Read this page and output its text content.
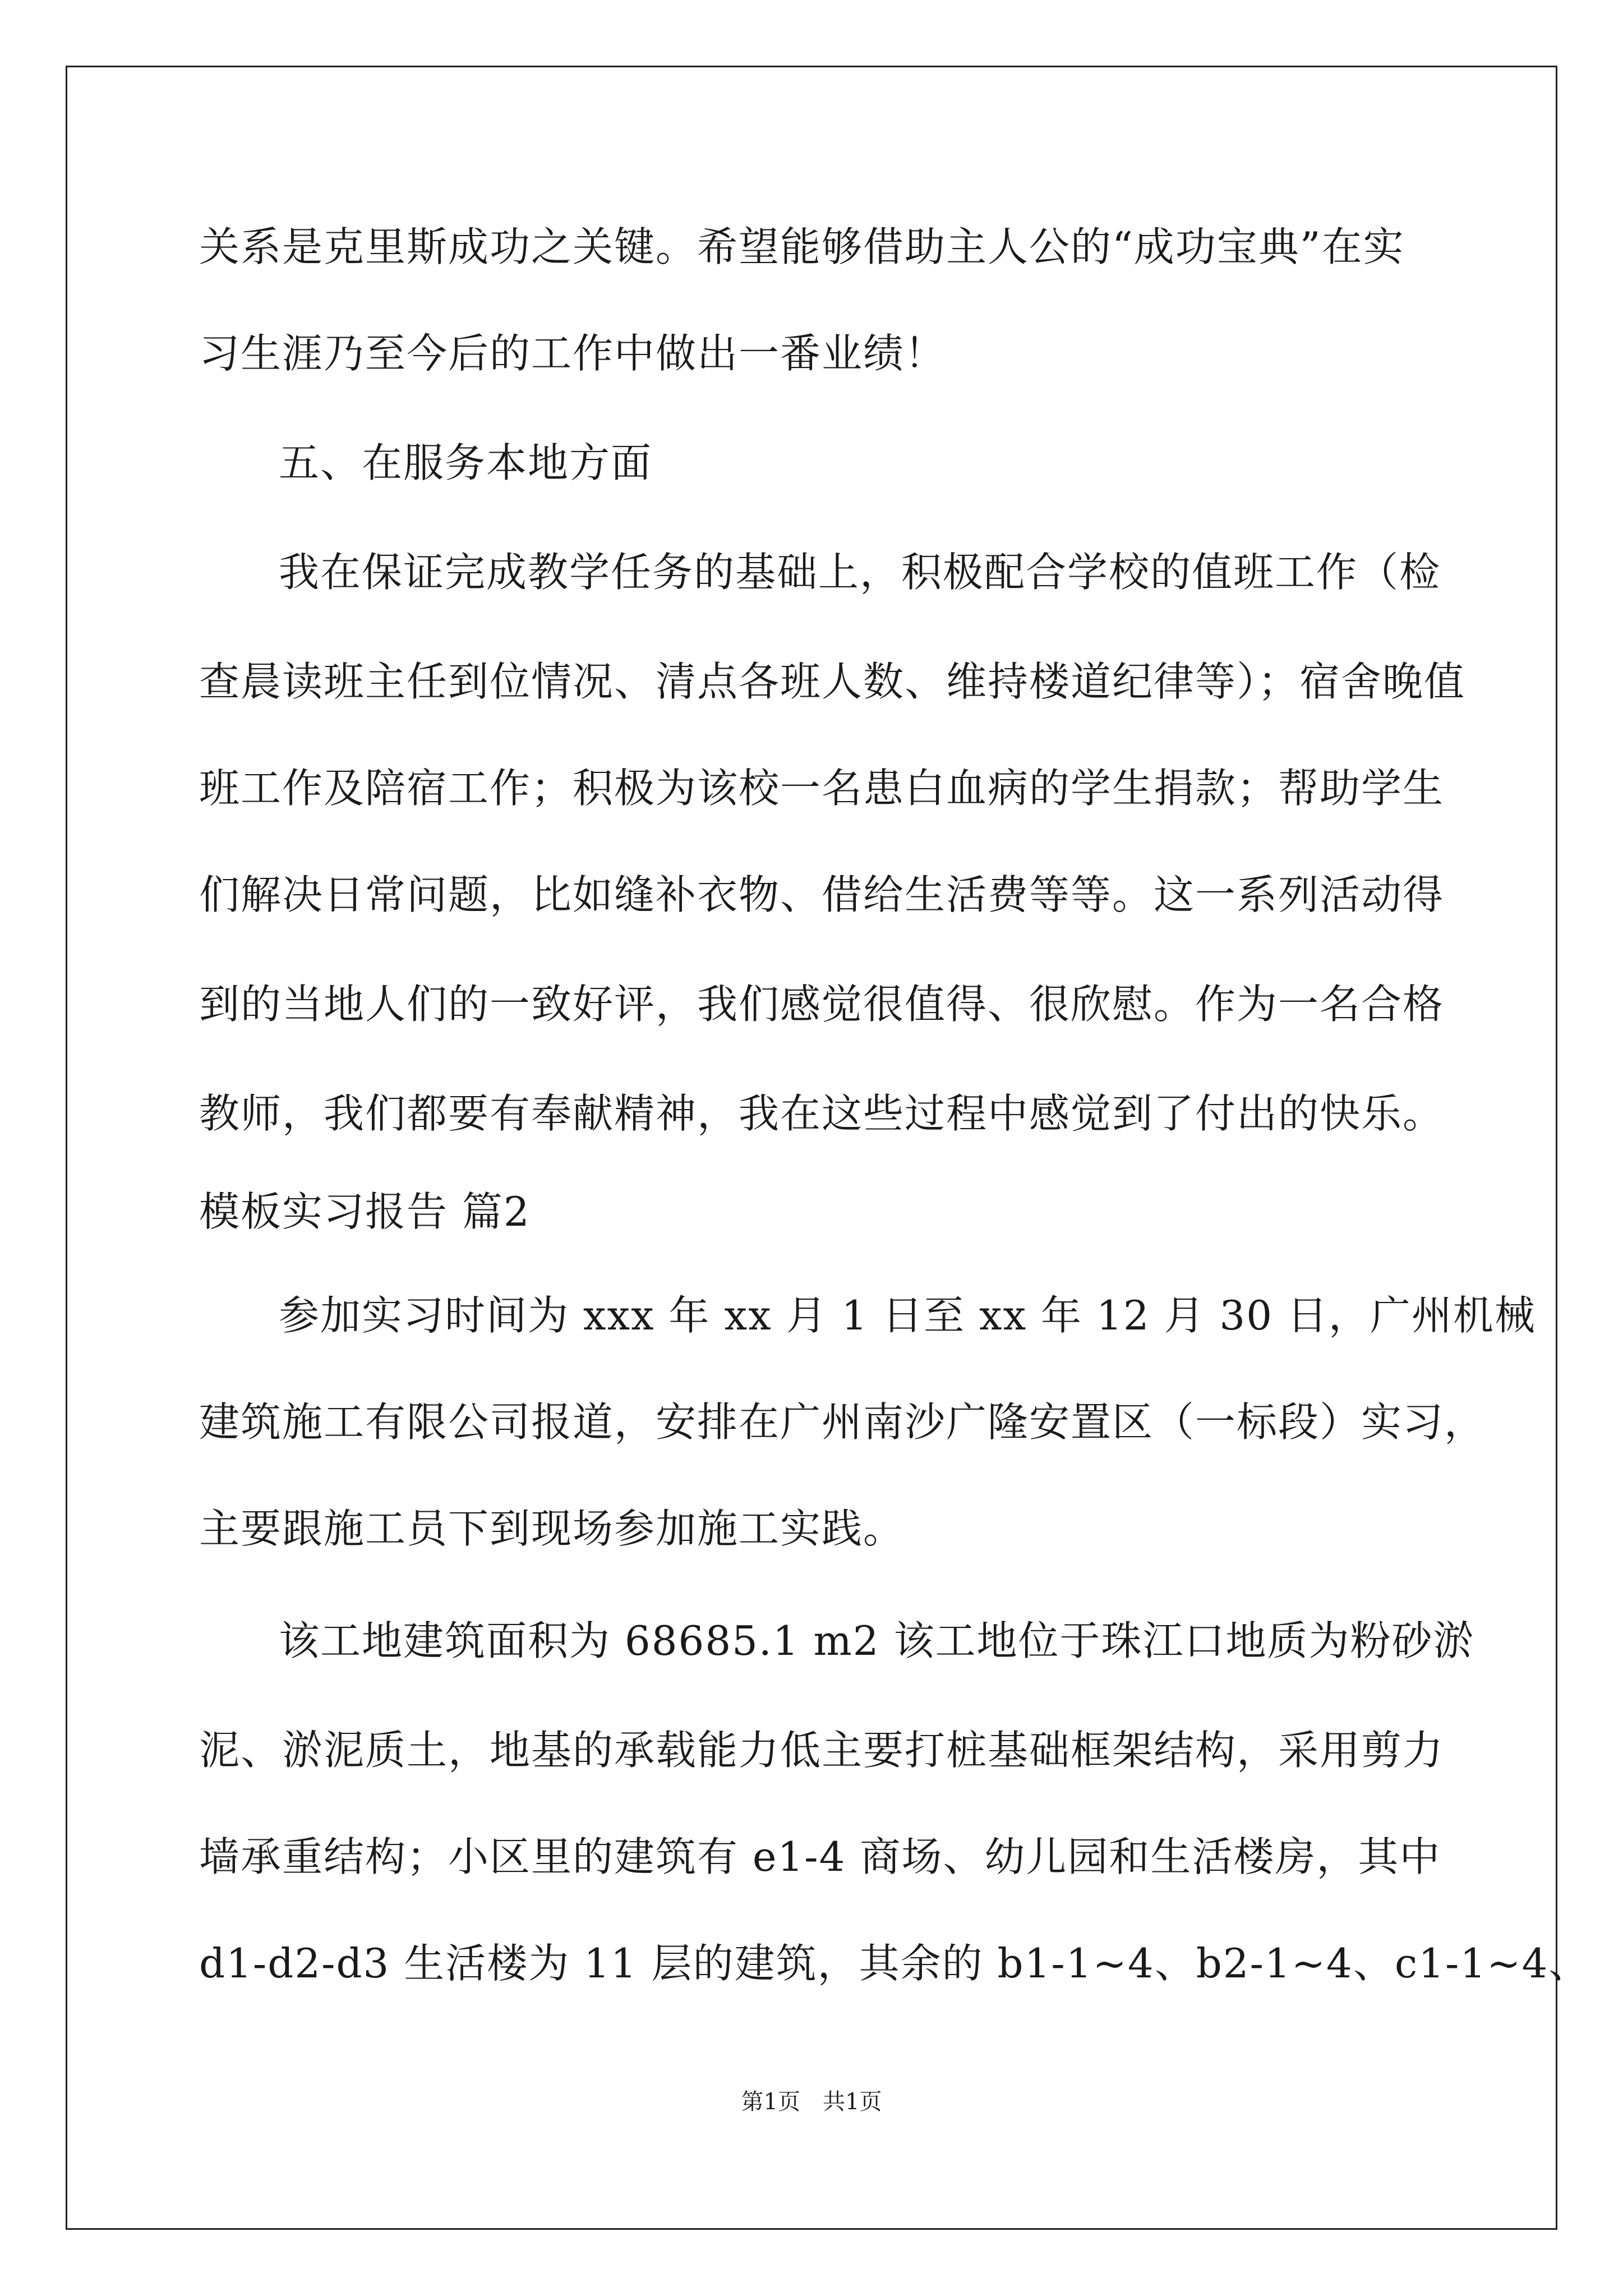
关系是克里斯成功之关键。希望能够借助主人公的“成功宝典”在实
习生涯乃至今后的工作中做出一番业绩！
五、在服务本地方面
我在保证完成教学任务的基础上，积极配合学校的值班工作（检
查晨读班主任到位情况、清点各班人数、维持楼道纪律等）；宿舍晚值
班工作及陪宿工作；积极为该校一名患白血病的学生捐款；帮助学生
们解决日常问题，比如缝补衣物、借给生活费等等。这一系列活动得
到的当地人们的一致好评，我们感觉很值得、很欣慰。作为一名合格
教师，我们都要有奉献精神，我在这些过程中感觉到了付出的快乐。
模板实习报告 篇2
参加实习时间为 xxx 年 xx 月 1 日至 xx 年 12 月 30 日，广州机械
建筑施工有限公司报道，安排在广州南沙广隆安置区（一标段）实习，
主要跟施工员下到现场参加施工实践。
该工地建筑面积为 68685.1 m2 该工地位于珠江口地质为粉砂淤
泥、淤泥质土，地基的承载能力低主要打桩基础框架结构，采用剪力
墙承重结构；小区里的建筑有 e1-4 商场、幼儿园和生活楼房，其中
d1-d2-d3 生活楼为 11 层的建筑，其余的 b1-1~4、b2-1~4、c1-1~4、
第1页 共1页
